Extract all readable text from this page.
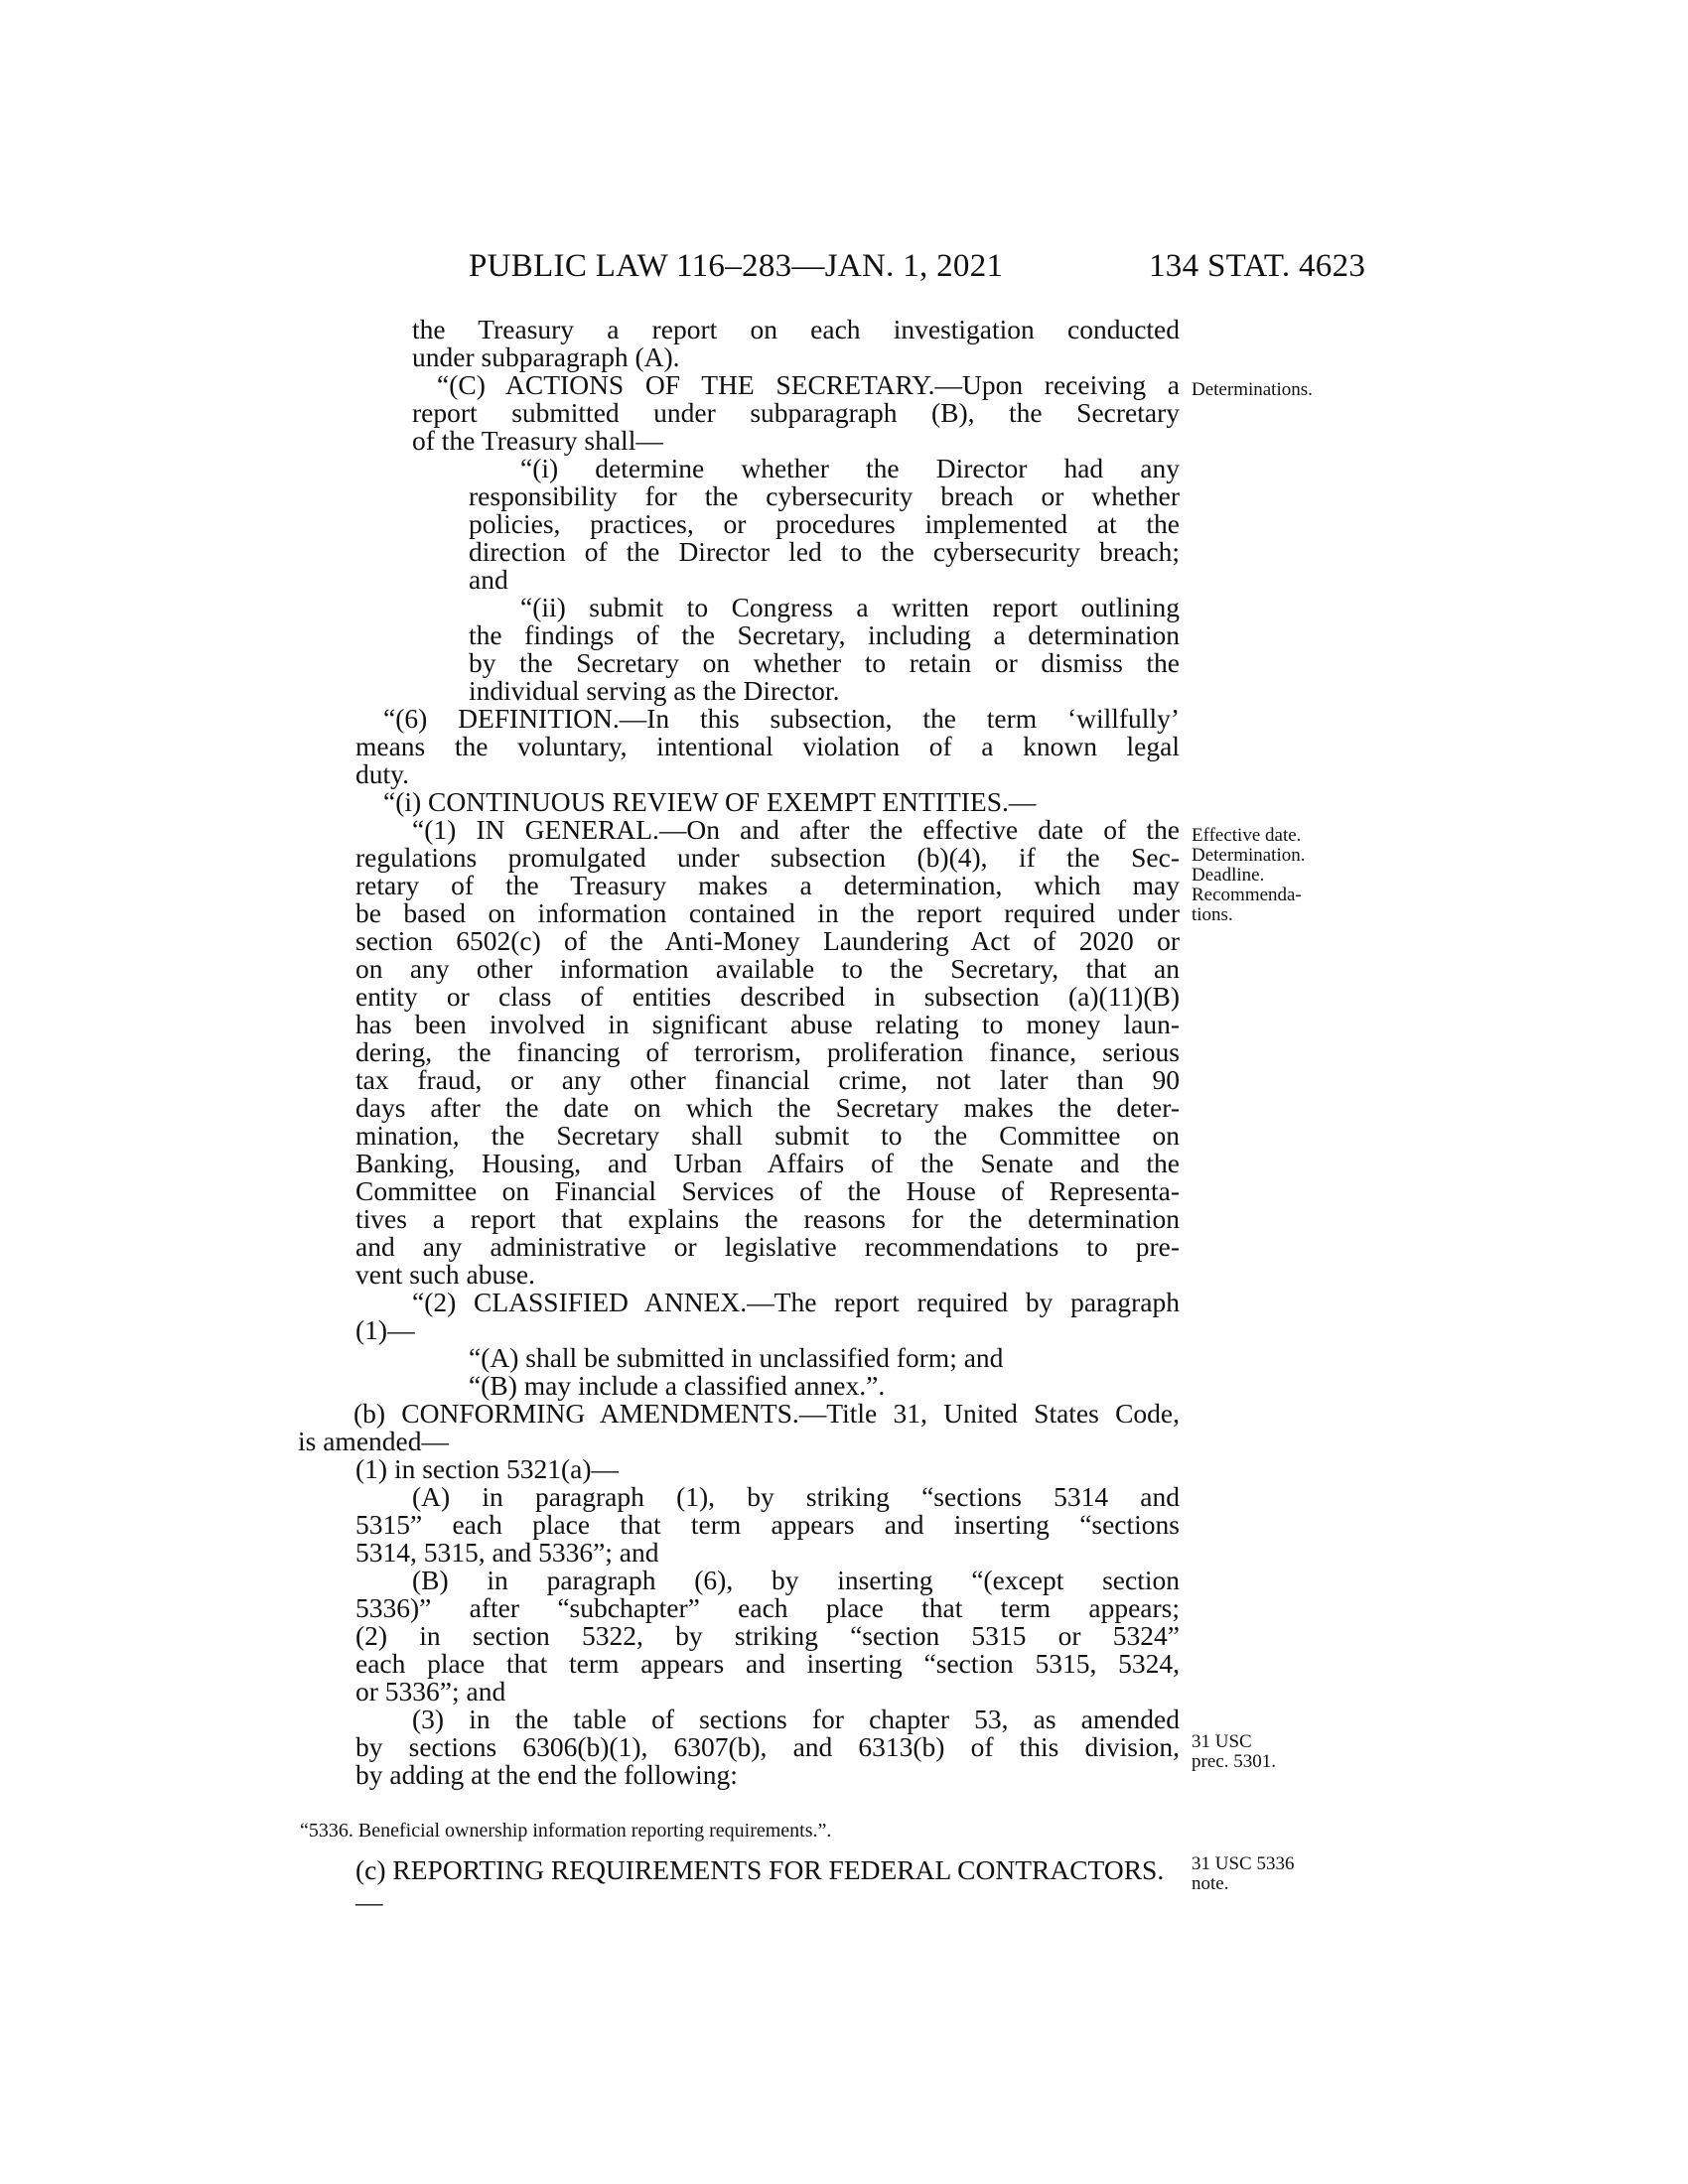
PUBLIC LAW 116–283—JAN. 1, 2021	134 STAT. 4623
the Treasury a report on each investigation conducted
under subparagraph (A).
“(C) ACTIONS OF THE SECRETARY.—Upon receiving a
report submitted under subparagraph (B), the Secretary
of the Treasury shall—
“(i) determine whether the Director had any
responsibility for the cybersecurity breach or whether
policies, practices, or procedures implemented at the
direction of the Director led to the cybersecurity breach;
and
“(ii) submit to Congress a written report outlining
the findings of the Secretary, including a determination
by the Secretary on whether to retain or dismiss the
individual serving as the Director.
“(6) DEFINITION.—In this subsection, the term ‘willfully’
means the voluntary, intentional violation of a known legal
duty.
“(i) CONTINUOUS REVIEW OF EXEMPT ENTITIES.—
“(1) IN GENERAL.—On and after the effective date of the
regulations promulgated under subsection (b)(4), if the Sec-
retary of the Treasury makes a determination, which may
be based on information contained in the report required under
section 6502(c) of the Anti-Money Laundering Act of 2020 or
on any other information available to the Secretary, that an
entity or class of entities described in subsection (a)(11)(B)
has been involved in significant abuse relating to money laun-
dering, the financing of terrorism, proliferation finance, serious
tax fraud, or any other financial crime, not later than 90
days after the date on which the Secretary makes the deter-
mination, the Secretary shall submit to the Committee on
Banking, Housing, and Urban Affairs of the Senate and the
Committee on Financial Services of the House of Representa-
tives a report that explains the reasons for the determination
and any administrative or legislative recommendations to pre-
vent such abuse.
“(2) CLASSIFIED ANNEX.—The report required by paragraph
(1)—
“(A) shall be submitted in unclassified form; and
“(B) may include a classified annex.”.
(b) CONFORMING AMENDMENTS.—Title 31, United States Code,
is amended—
(1) in section 5321(a)—
(A) in paragraph (1), by striking “sections 5314 and
5315” each place that term appears and inserting “sections
5314, 5315, and 5336”; and
(B) in paragraph (6), by inserting “(except section
5336)” after “subchapter” each place that term appears;
(2) in section 5322, by striking “section 5315 or 5324”
each place that term appears and inserting “section 5315, 5324,
or 5336”; and
(3) in the table of sections for chapter 53, as amended
by sections 6306(b)(1), 6307(b), and 6313(b) of this division,
by adding at the end the following:
“5336. Beneficial ownership information reporting requirements.”.
(c) REPORTING REQUIREMENTS FOR FEDERAL CONTRACTORS.—
Determinations.
Effective date.
Determination.
Deadline.
Recommenda-
tions.
31 USC
prec. 5301.
31 USC 5336
note.
